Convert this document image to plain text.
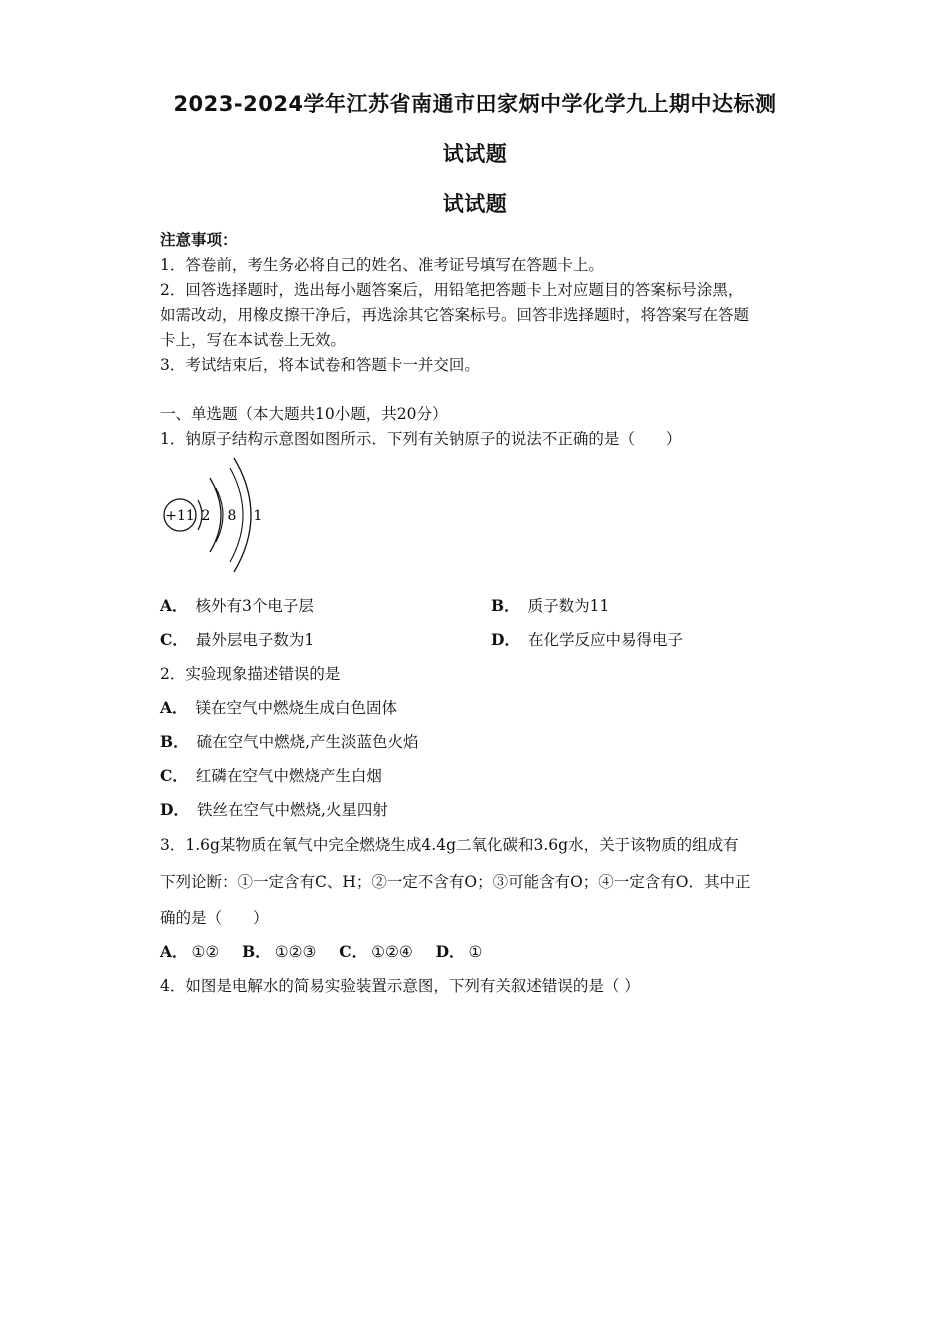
2023-2024学年江苏省南通市田家炳中学化学九上期中达标测
试试题
试试题
注意事项：
1．答卷前，考生务必将自己的姓名、准考证号填写在答题卡上。
2．回答选择题时，选出每小题答案后，用铅笔把答题卡上对应题目的答案标号涂黑，
如需改动，用橡皮擦干净后，再选涂其它答案标号。回答非选择题时，将答案写在答题
卡上，写在本试卷上无效。
3．考试结束后，将本试卷和答题卡一并交回。
一、单选题（本大题共10小题，共20分）
1．钠原子结构示意图如图所示．下列有关钠原子的说法不正确的是（　　）
+11 2 8 1
A． 核外有3个电子层	B． 质子数为11
C． 最外层电子数为1	D． 在化学反应中易得电子
2．实验现象描述错误的是
A． 镁在空气中燃烧生成白色固体
B． 硫在空气中燃烧,产生淡蓝色火焰
C． 红磷在空气中燃烧产生白烟
D． 铁丝在空气中燃烧,火星四射
3．1.6g某物质在氧气中完全燃烧生成4.4g二氧化碳和3.6g水，关于该物质的组成有
下列论断：①一定含有C、H；②一定不含有O；③可能含有O；④一定含有O．其中正
确的是（　　）
A． ①② B． ①②③ C． ①②④ D． ①
4．如图是电解水的简易实验装置示意图，下列有关叙述错误的是（ ）
